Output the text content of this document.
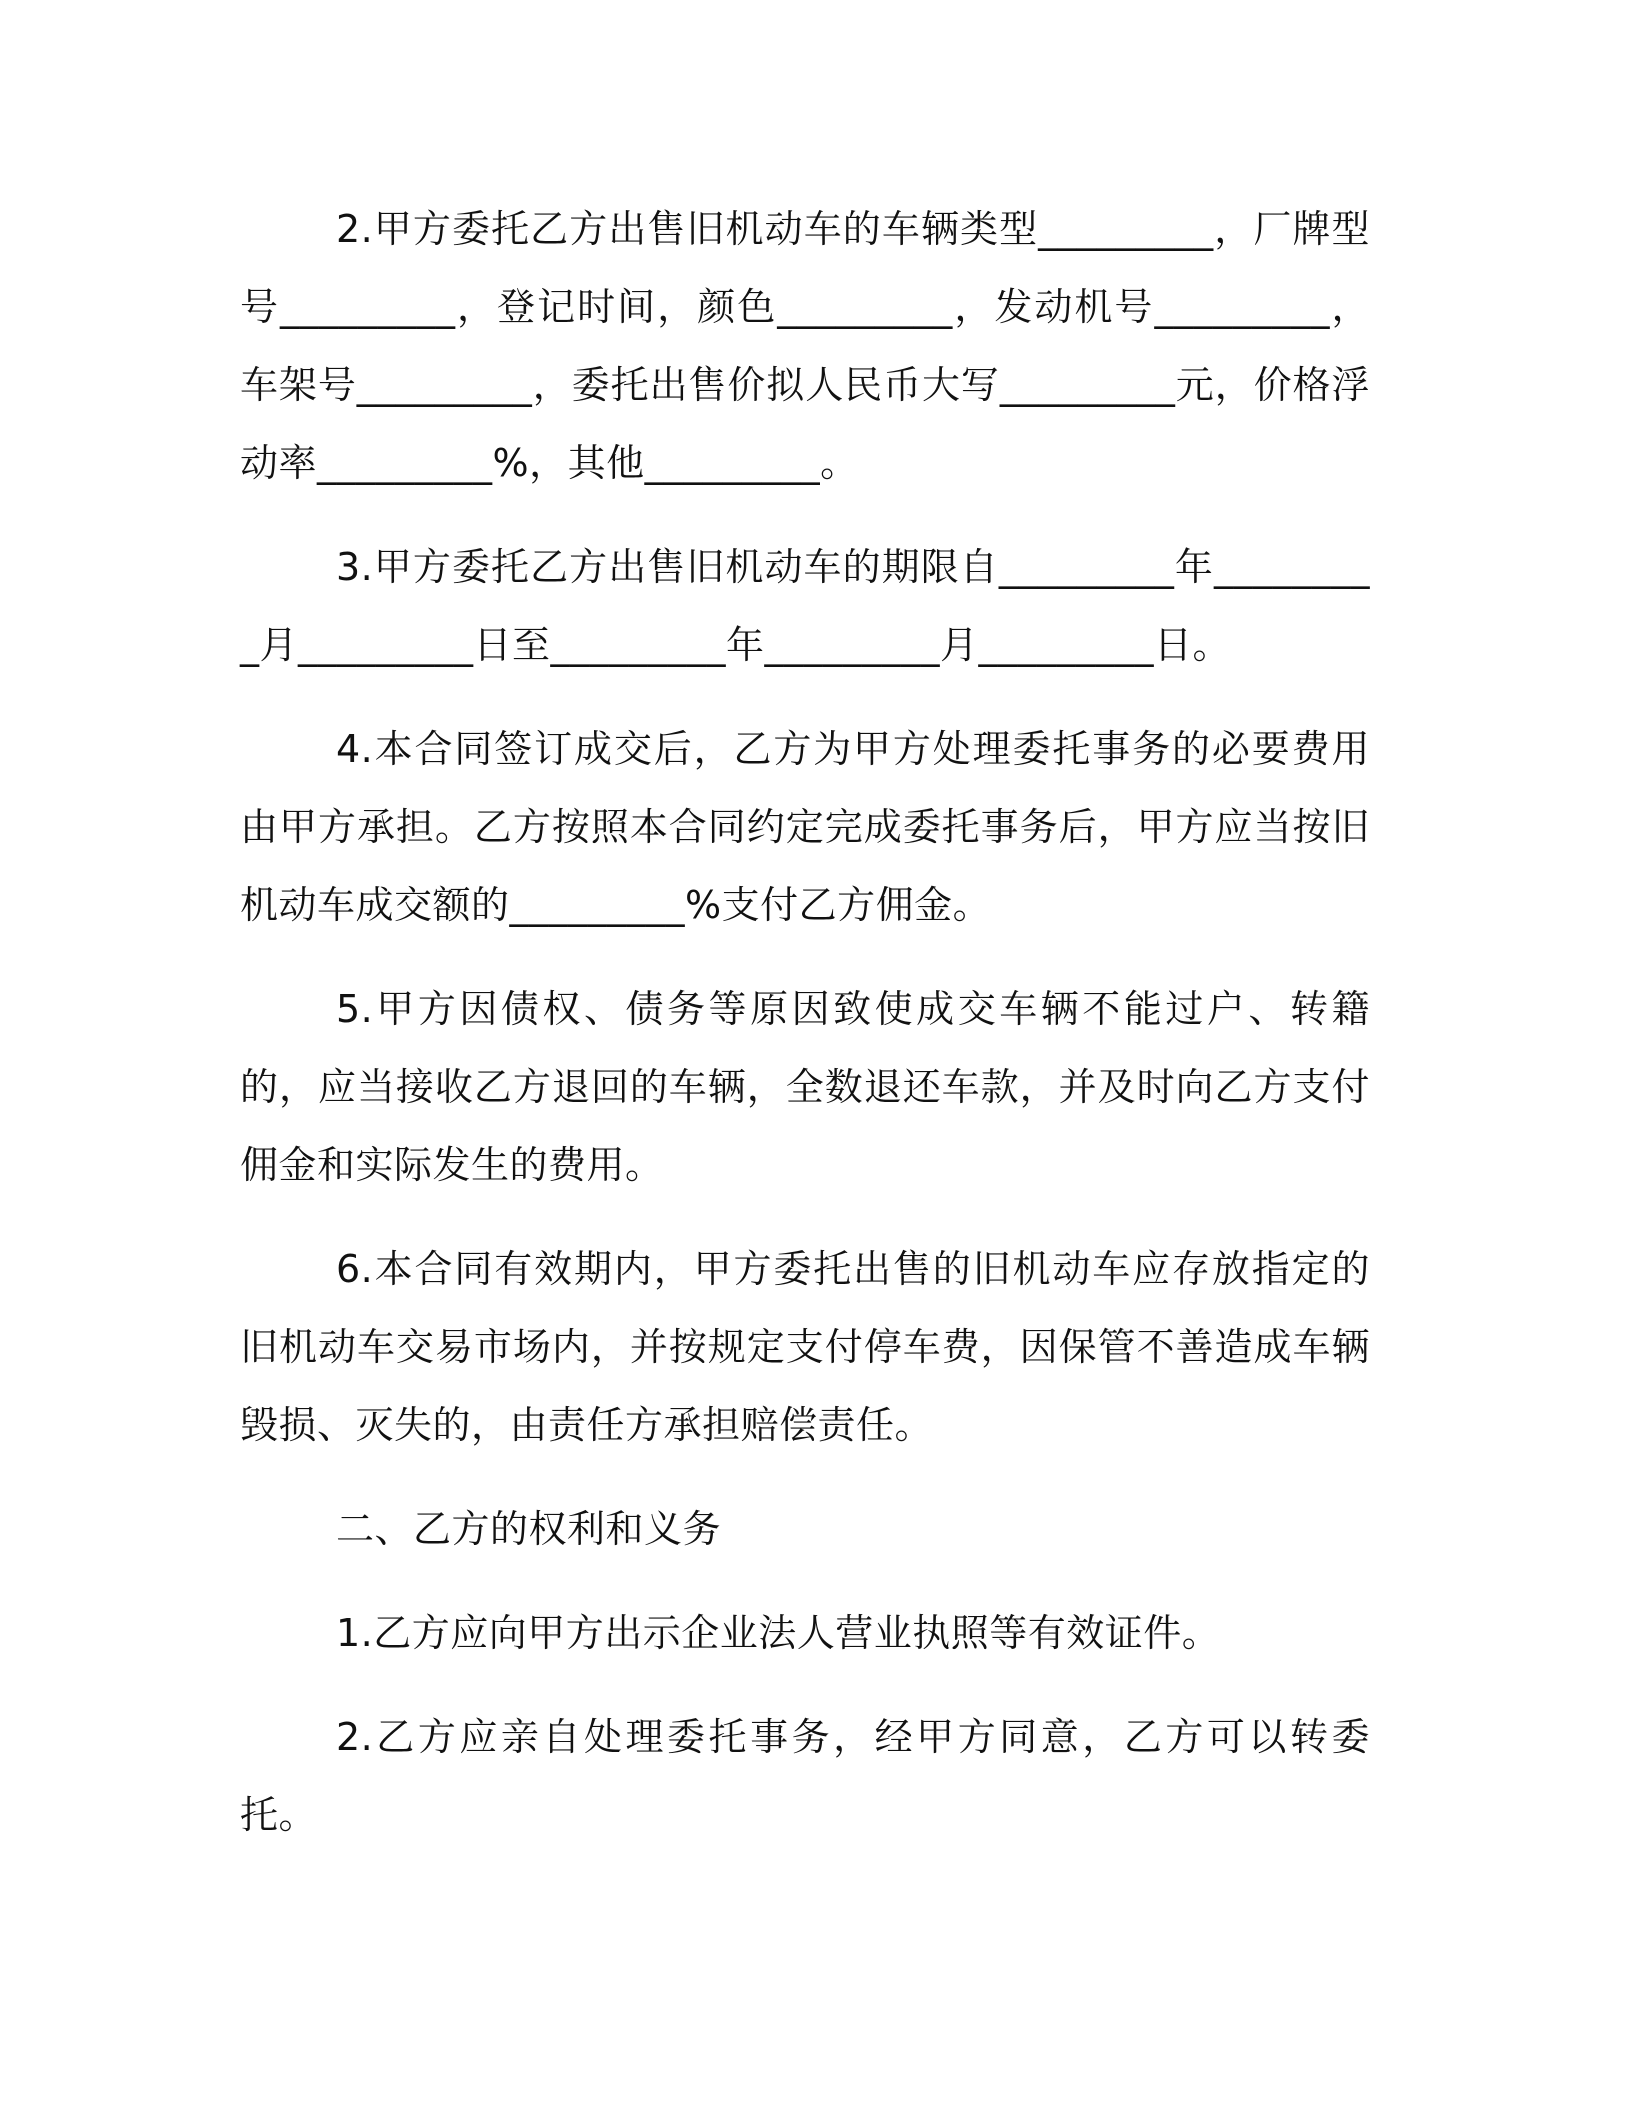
2.甲方委托乙方出售旧机动车的车辆类型_________，厂牌型号_________，登记时间，颜色_________，发动机号_________，车架号_________，委托出售价拟人民币大写_________元，价格浮动率_________%，其他_________。

3.甲方委托乙方出售旧机动车的期限自_________年_________月_________日至_________年_________月_________日。

4.本合同签订成交后，乙方为甲方处理委托事务的必要费用由甲方承担。乙方按照本合同约定完成委托事务后，甲方应当按旧机动车成交额的_________%支付乙方佣金。

5.甲方因债权、债务等原因致使成交车辆不能过户、转籍的，应当接收乙方退回的车辆，全数退还车款，并及时向乙方支付佣金和实际发生的费用。

6.本合同有效期内，甲方委托出售的旧机动车应存放指定的旧机动车交易市场内，并按规定支付停车费，因保管不善造成车辆毁损、灭失的，由责任方承担赔偿责任。

二、乙方的权利和义务

1.乙方应向甲方出示企业法人营业执照等有效证件。

2.乙方应亲自处理委托事务，经甲方同意，乙方可以转委托。
